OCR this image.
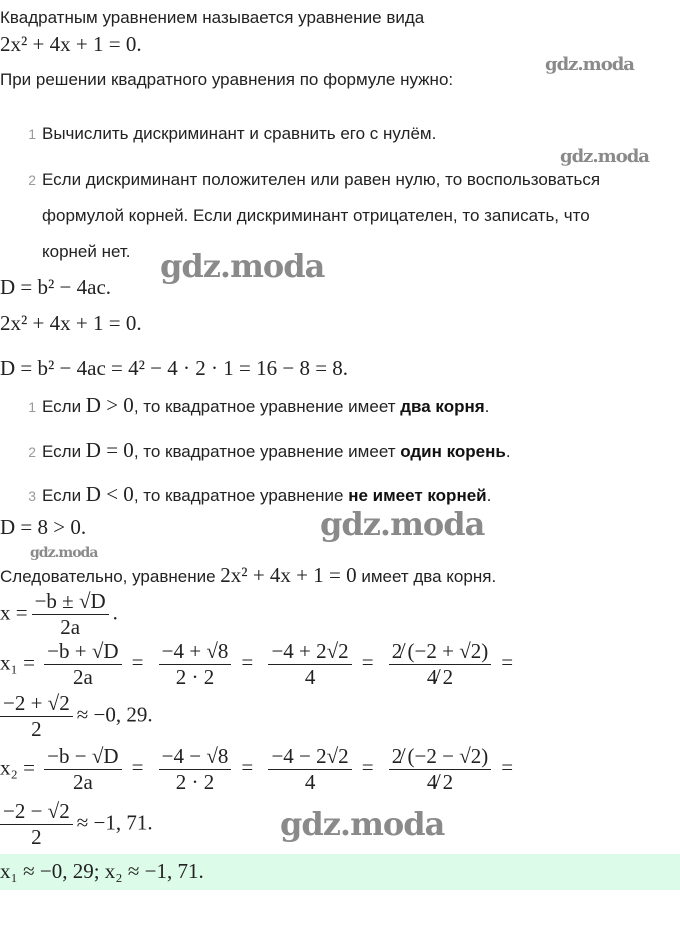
Квадратным уравнением называется уравнение вида
2x² + 4x + 1 = 0.
При решении квадратного уравнения по формуле нужно:
1 Вычислить дискриминант и сравнить его с нулём.
2 Если дискриминант положителен или равен нулю, то воспользоваться
формулой корней. Если дискриминант отрицателен, то записать, что
корней нет.
D = b² − 4ac.
2x² + 4x + 1 = 0.
D = b² − 4ac = 4² − 4 · 2 · 1 = 16 − 8 = 8.
1 Если D > 0, то квадратное уравнение имеет два корня.
2 Если D = 0, то квадратное уравнение имеет один корень.
3 Если D < 0, то квадратное уравнение не имеет корней.
D = 8 > 0.
Следовательно, уравнение 2x² + 4x + 1 = 0 имеет два корня.
$x = \frac{-b \pm √D}{2a}$ .
$x_1 = \frac{-b + √D}{2a} = \frac{-4 + √8}{2 \cdot 2} = \frac{-4 + 2√2}{4} = \frac{2̸ (-2 + √2)}{4̸ 2}$ =
$\frac{-2 + √2}{2} \approx -0$, 29.
$x_2 = \frac{-b - √D}{2a} = \frac{-4 - √8}{2 \cdot 2} = \frac{-4 - 2√2}{4} = \frac{2̸ (-2 - √2)}{4̸ 2}$ =
$\frac{-2 - √2}{2} \approx -1$, 71.
x₁ ≈ −0, 29; x₂ ≈ −1, 71.
gdz.moda
gdz.moda
gdz.moda
gdz.moda
gdz.moda
gdz.moda
